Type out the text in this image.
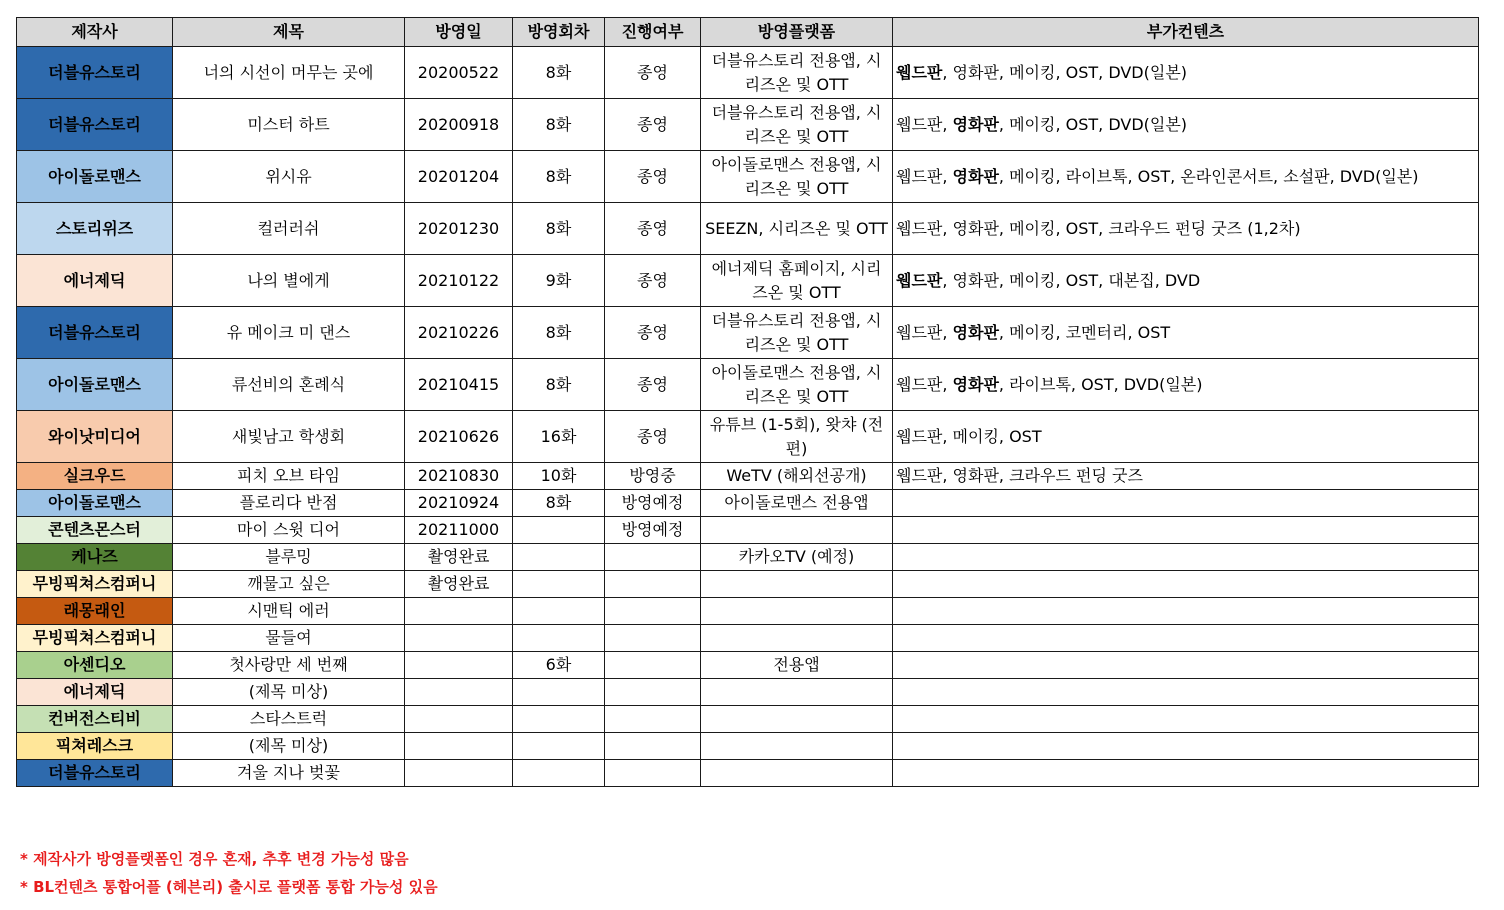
제작사	제목	방영일	방영회차	진행여부	방영플랫폼	부가컨텐츠
더블유스토리	너의 시선이 머무는 곳에	20200522	8화	종영	더블유스토리 전용앱, 시리즈온 및 OTT	웹드판, 영화판, 메이킹, OST, DVD(일본)
더블유스토리	미스터 하트	20200918	8화	종영	더블유스토리 전용앱, 시리즈온 및 OTT	웹드판, 영화판, 메이킹, OST, DVD(일본)
아이돌로맨스	위시유	20201204	8화	종영	아이돌로맨스 전용앱, 시리즈온 및 OTT	웹드판, 영화판, 메이킹, 라이브톡, OST, 온라인콘서트, 소설판, DVD(일본)
스토리위즈	컬러러쉬	20201230	8화	종영	SEEZN, 시리즈온 및 OTT	웹드판, 영화판, 메이킹, OST, 크라우드 펀딩 굿즈 (1,2차)
에너제딕	나의 별에게	20210122	9화	종영	에너제딕 홈페이지, 시리즈온 및 OTT	웹드판, 영화판, 메이킹, OST, 대본집, DVD
더블유스토리	유 메이크 미 댄스	20210226	8화	종영	더블유스토리 전용앱, 시리즈온 및 OTT	웹드판, 영화판, 메이킹, 코멘터리, OST
아이돌로맨스	류선비의 혼례식	20210415	8화	종영	아이돌로맨스 전용앱, 시리즈온 및 OTT	웹드판, 영화판, 라이브톡, OST, DVD(일본)
와이낫미디어	새빛남고 학생회	20210626	16화	종영	유튜브 (1-5회), 왓챠 (전편)	웹드판, 메이킹, OST
실크우드	피치 오브 타임	20210830	10화	방영중	WeTV (해외선공개)	웹드판, 영화판, 크라우드 펀딩 굿즈
아이돌로맨스	플로리다 반점	20210924	8화	방영예정	아이돌로맨스 전용앱	
콘텐츠몬스터	마이 스윗 디어	20211000		방영예정		
케나즈	블루밍	촬영완료			카카오TV (예정)	
무빙픽쳐스컴퍼니	깨물고 싶은	촬영완료				
래몽래인	시맨틱 에러					
무빙픽쳐스컴퍼니	물들여					
아센디오	첫사랑만 세 번째		6화		전용앱	
에너제딕	(제목 미상)					
컨버전스티비	스타스트럭					
픽쳐레스크	(제목 미상)					
더블유스토리	겨울 지나 벚꽃					
* 제작사가 방영플랫폼인 경우 혼재, 추후 변경 가능성 많음
* BL컨텐츠 통합어플 (헤븐리) 출시로 플랫폼 통합 가능성 있음
